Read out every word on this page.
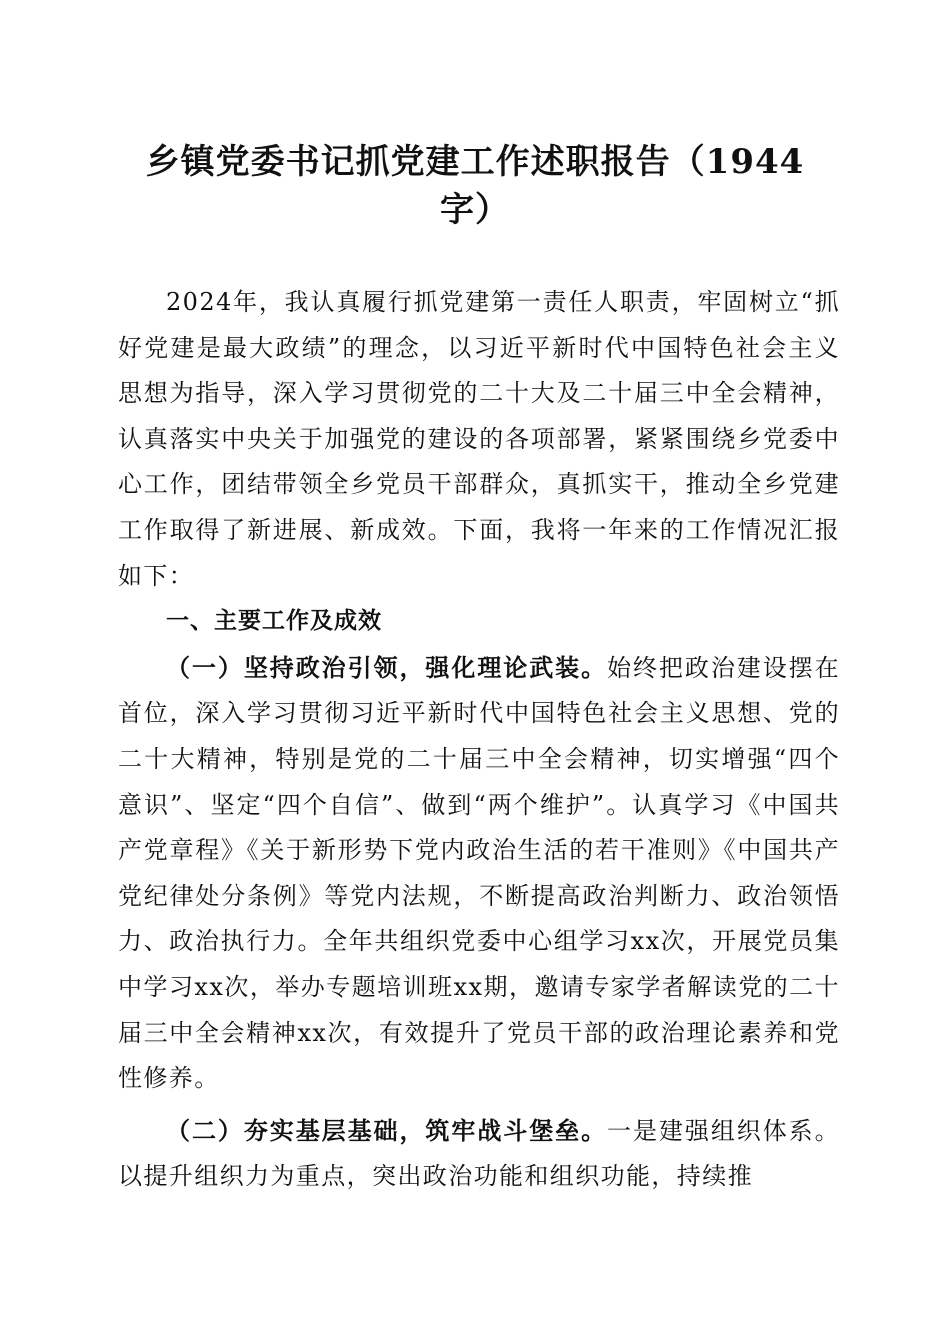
乡镇党委书记抓党建工作述职报告（1944字）

2024年，我认真履行抓党建第一责任人职责，牢固树立“抓好党建是最大政绩”的理念，以习近平新时代中国特色社会主义思想为指导，深入学习贯彻党的二十大及二十届三中全会精神，认真落实中央关于加强党的建设的各项部署，紧紧围绕乡党委中心工作，团结带领全乡党员干部群众，真抓实干，推动全乡党建工作取得了新进展、新成效。下面，我将一年来的工作情况汇报如下：

一、主要工作及成效

（一）坚持政治引领，强化理论武装。始终把政治建设摆在首位，深入学习贯彻习近平新时代中国特色社会主义思想、党的二十大精神，特别是党的二十届三中全会精神，切实增强“四个意识”、坚定“四个自信”、做到“两个维护”。认真学习《中国共产党章程》《关于新形势下党内政治生活的若干准则》《中国共产党纪律处分条例》等党内法规，不断提高政治判断力、政治领悟力、政治执行力。全年共组织党委中心组学习xx次，开展党员集中学习xx次，举办专题培训班xx期，邀请专家学者解读党的二十届三中全会精神xx次，有效提升了党员干部的政治理论素养和党性修养。

（二）夯实基层基础，筑牢战斗堡垒。一是建强组织体系。以提升组织力为重点，突出政治功能和组织功能，持续推
